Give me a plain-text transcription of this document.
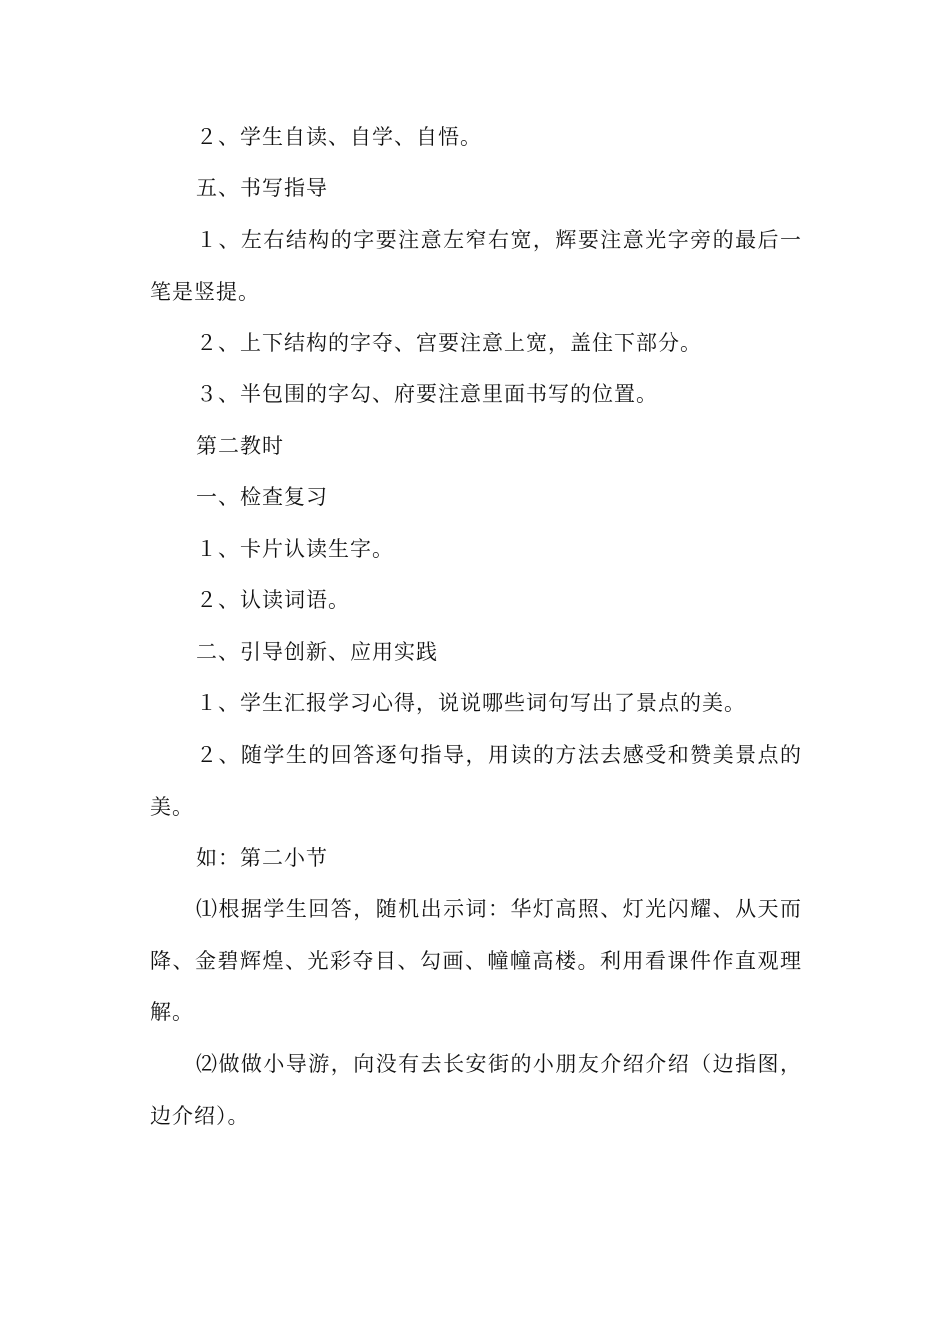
２、学生自读、自学、自悟。

五、书写指导

１、左右结构的字要注意左窄右宽，辉要注意光字旁的最后一笔是竖提。

２、上下结构的字夺、宫要注意上宽，盖住下部分。

３、半包围的字勾、府要注意里面书写的位置。

第二教时

一、检查复习

１、卡片认读生字。

２、认读词语。

二、引导创新、应用实践

１、学生汇报学习心得，说说哪些词句写出了景点的美。

２、随学生的回答逐句指导，用读的方法去感受和赞美景点的美。

如：第二小节

⑴根据学生回答，随机出示词：华灯高照、灯光闪耀、从天而降、金碧辉煌、光彩夺目、勾画、幢幢高楼。利用看课件作直观理解。

⑵做做小导游，向没有去长安街的小朋友介绍介绍（边指图，边介绍）。
